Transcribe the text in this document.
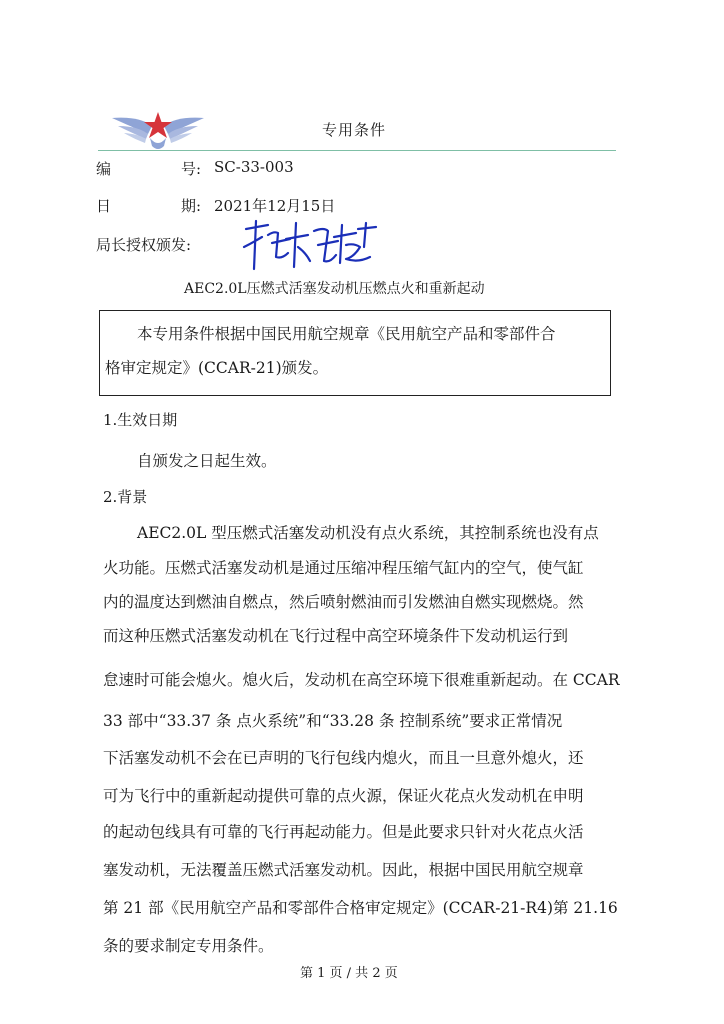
专用条件
编	号: SC-33-003
日	期: 2021年12月15日
局长授权颁发:
AEC2.0L压燃式活塞发动机压燃点火和重新起动
本专用条件根据中国民用航空规章《民用航空产品和零部件合
格审定规定》(CCAR-21)颁发。
1.生效日期
自颁发之日起生效。
2.背景
AEC2.0L 型压燃式活塞发动机没有点火系统，其控制系统也没有点
火功能。压燃式活塞发动机是通过压缩冲程压缩气缸内的空气，使气缸
内的温度达到燃油自燃点，然后喷射燃油而引发燃油自燃实现燃烧。然
而这种压燃式活塞发动机在飞行过程中高空环境条件下发动机运行到
怠速时可能会熄火。熄火后，发动机在高空环境下很难重新起动。在 CCAR
33 部中“33.37 条 点火系统”和“33.28 条 控制系统”要求正常情况
下活塞发动机不会在已声明的飞行包线内熄火，而且一旦意外熄火，还
可为飞行中的重新起动提供可靠的点火源，保证火花点火发动机在申明
的起动包线具有可靠的飞行再起动能力。但是此要求只针对火花点火活
塞发动机，无法覆盖压燃式活塞发动机。因此，根据中国民用航空规章
第 21 部《民用航空产品和零部件合格审定规定》(CCAR-21-R4)第 21.16
条的要求制定专用条件。
第 1 页 / 共 2 页
